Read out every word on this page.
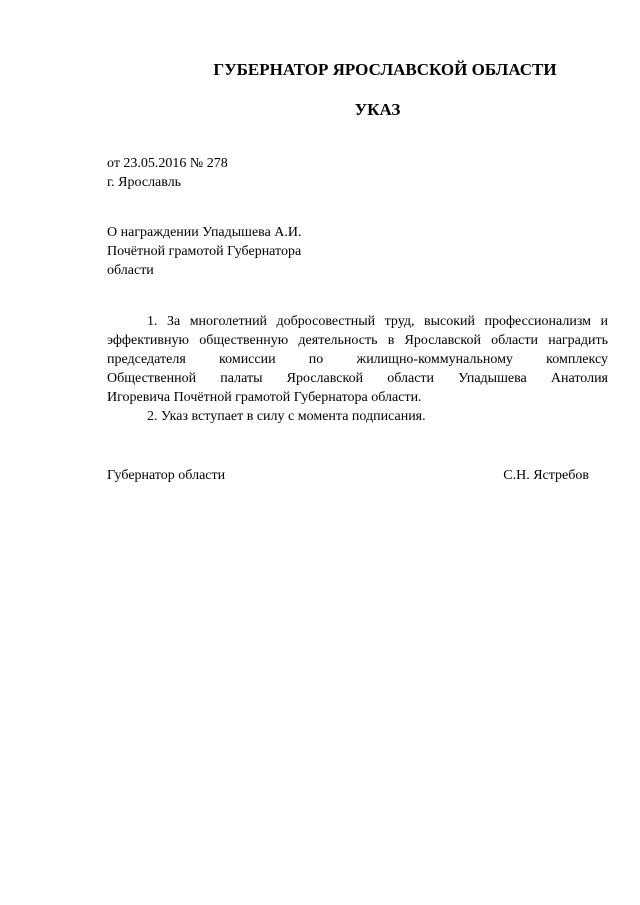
ГУБЕРНАТОР ЯРОСЛАВСКОЙ ОБЛАСТИ
УКАЗ
от 23.05.2016 № 278
г. Ярославль
О награждении Упадышева А.И.
Почётной грамотой Губернатора
области
1. За многолетний добросовестный труд, высокий профессионализм и
эффективную общественную деятельность в Ярославской области наградить
председателя комиссии по жилищно-коммунальному комплексу
Общественной палаты Ярославской области Упадышева Анатолия
Игоревича Почётной грамотой Губернатора области.
2. Указ вступает в силу с момента подписания.
Губернатор области	С.Н. Ястребов
